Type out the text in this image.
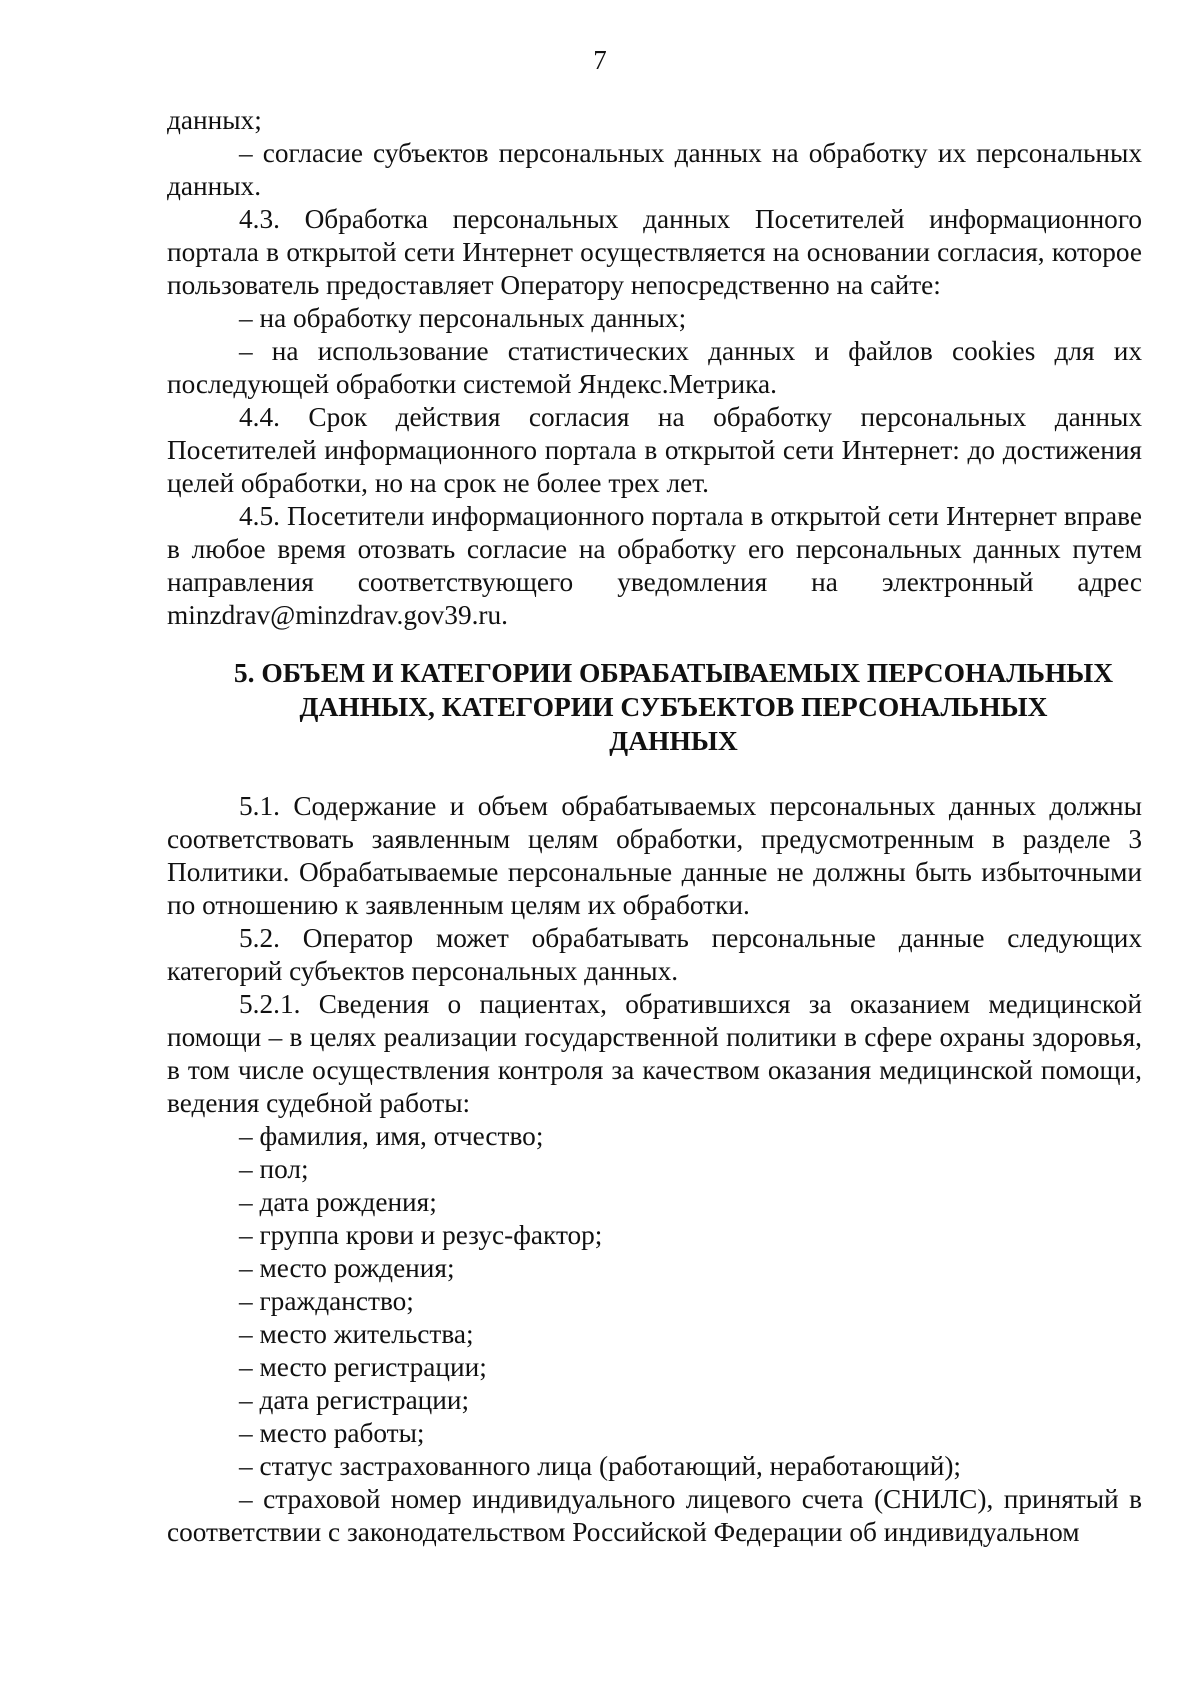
7

данных;

– согласие субъектов персональных данных на обработку их персональных данных.

4.3. Обработка персональных данных Посетителей информационного портала в открытой сети Интернет осуществляется на основании согласия, которое пользователь предоставляет Оператору непосредственно на сайте:

– на обработку персональных данных;

– на использование статистических данных и файлов cookies для их последующей обработки системой Яндекс.Метрика.

4.4. Срок действия согласия на обработку персональных данных Посетителей информационного портала в открытой сети Интернет: до достижения целей обработки, но на срок не более трех лет.

4.5. Посетители информационного портала в открытой сети Интернет вправе в любое время отозвать согласие на обработку его персональных данных путем направления соответствующего уведомления на электронный адрес minzdrav@minzdrav.gov39.ru.

5. ОБЪЕМ И КАТЕГОРИИ ОБРАБАТЫВАЕМЫХ ПЕРСОНАЛЬНЫХ
ДАННЫХ, КАТЕГОРИИ СУБЪЕКТОВ ПЕРСОНАЛЬНЫХ
ДАННЫХ

5.1. Содержание и объем обрабатываемых персональных данных должны соответствовать заявленным целям обработки, предусмотренным в разделе 3 Политики. Обрабатываемые персональные данные не должны быть избыточными по отношению к заявленным целям их обработки.

5.2. Оператор может обрабатывать персональные данные следующих категорий субъектов персональных данных.

5.2.1. Сведения о пациентах, обратившихся за оказанием медицинской помощи – в целях реализации государственной политики в сфере охраны здоровья, в том числе осуществления контроля за качеством оказания медицинской помощи, ведения судебной работы:

– фамилия, имя, отчество;
– пол;
– дата рождения;
– группа крови и резус-фактор;
– место рождения;
– гражданство;
– место жительства;
– место регистрации;
– дата регистрации;
– место работы;
– статус застрахованного лица (работающий, неработающий);

– страховой номер индивидуального лицевого счета (СНИЛС), принятый в соответствии с законодательством Российской Федерации об индивидуальном
